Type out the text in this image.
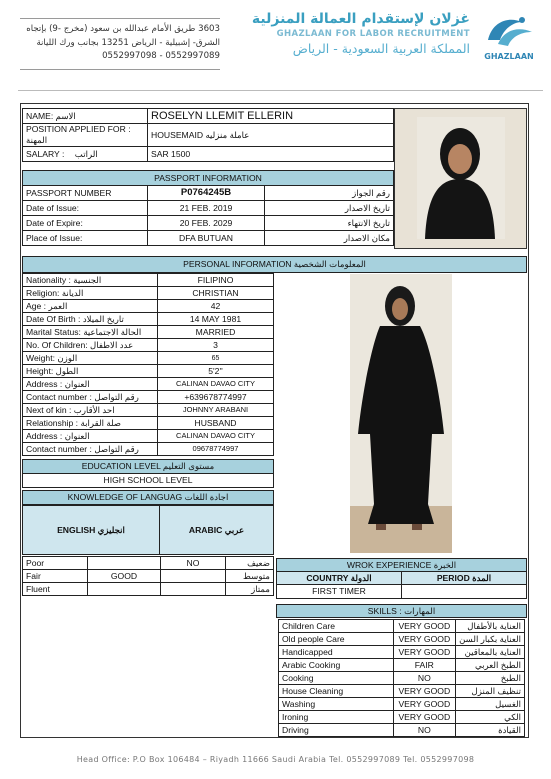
3603 طريق الأمام عبدالله بن سعود (مخرج -9) بإتجاه
الشرق- إشبيلية - الرياض 13251 بجانب ورك الليانة
0552997098 - 0552997089
غزلان لإستقدام العمالة المنزلية
GHAZLAAN FOR LABOR RECRUITMENT
المملكة العربية السعودية - الرياض
GHAZLAAN
NAME: الاسم	ROSELYN LLEMIT ELLERIN

POSITION APPLIED FOR :
المهنة	HOUSEMAID عاملة منزليه
SALARY : الراتب	SAR 1500
PASSPORT INFORMATION		
PASSPORT NUMBER	P0764245B	رقم الجواز
Date of Issue:	21 FEB. 2019	تاريخ الاصدار
Date of Expire:	20 FEB. 2029	تاريخ الانتهاء
Place of Issue:	DFA BUTUAN	مكان الاصدار
PERSONAL INFORMATION المعلومات الشخصية
Nationality : الجنسية	FILIPINO
Religion: الديانة	CHRISTIAN
Age : العمر	42
Date Of Birth : تاريخ الميلاد	14 MAY 1981
Marital Status: الحالة الاجتماعية	MARRIED
No. Of Children: عدد الاطفال	3
Weight: الوزن	65
Height: الطول	5'2''
Address : العنوان	CALINAN DAVAO CITY
Contact number : رقم التواصل	+639678774997
Next of kin : احد الأقارب	JOHNNY ARABANI
Relationship : صلة القرابة	HUSBAND
Address : العنوان	CALINAN DAVAO CITY
Contact number : رقم التواصل	09678774997
EDUCATION LEVEL مستوى التعليم
HIGH SCHOOL LEVEL
KNOWLEDGE OF LANGUAG اجادة اللغات
ENGLISH انجليزي	ARABIC عربي
Poor		NO	ضعيف
Fair	GOOD		متوسط
Fluent			ممتاز
WROK EXPERIENCE الخبرة	
COUNTRY الدولة	PERIOD المدة
FIRST TIMER	
SKILLS : المهارات
Children Care	VERY GOOD	العناية بالأطفال
Old people Care	VERY GOOD	العناية بكبار السن
Handicapped	VERY GOOD	العناية بالمعاقين
Arabic Cooking	FAIR	الطبخ العربي
Cooking	NO	الطبخ
House Cleaning	VERY GOOD	تنظيف المنزل
Washing	VERY GOOD	الغسيل
Ironing	VERY GOOD	الكي
Driving	NO	القيادة
Head Office: P.O Box 106484 – Riyadh 11666 Saudi Arabia Tel. 0552997089 Tel. 0552997098
